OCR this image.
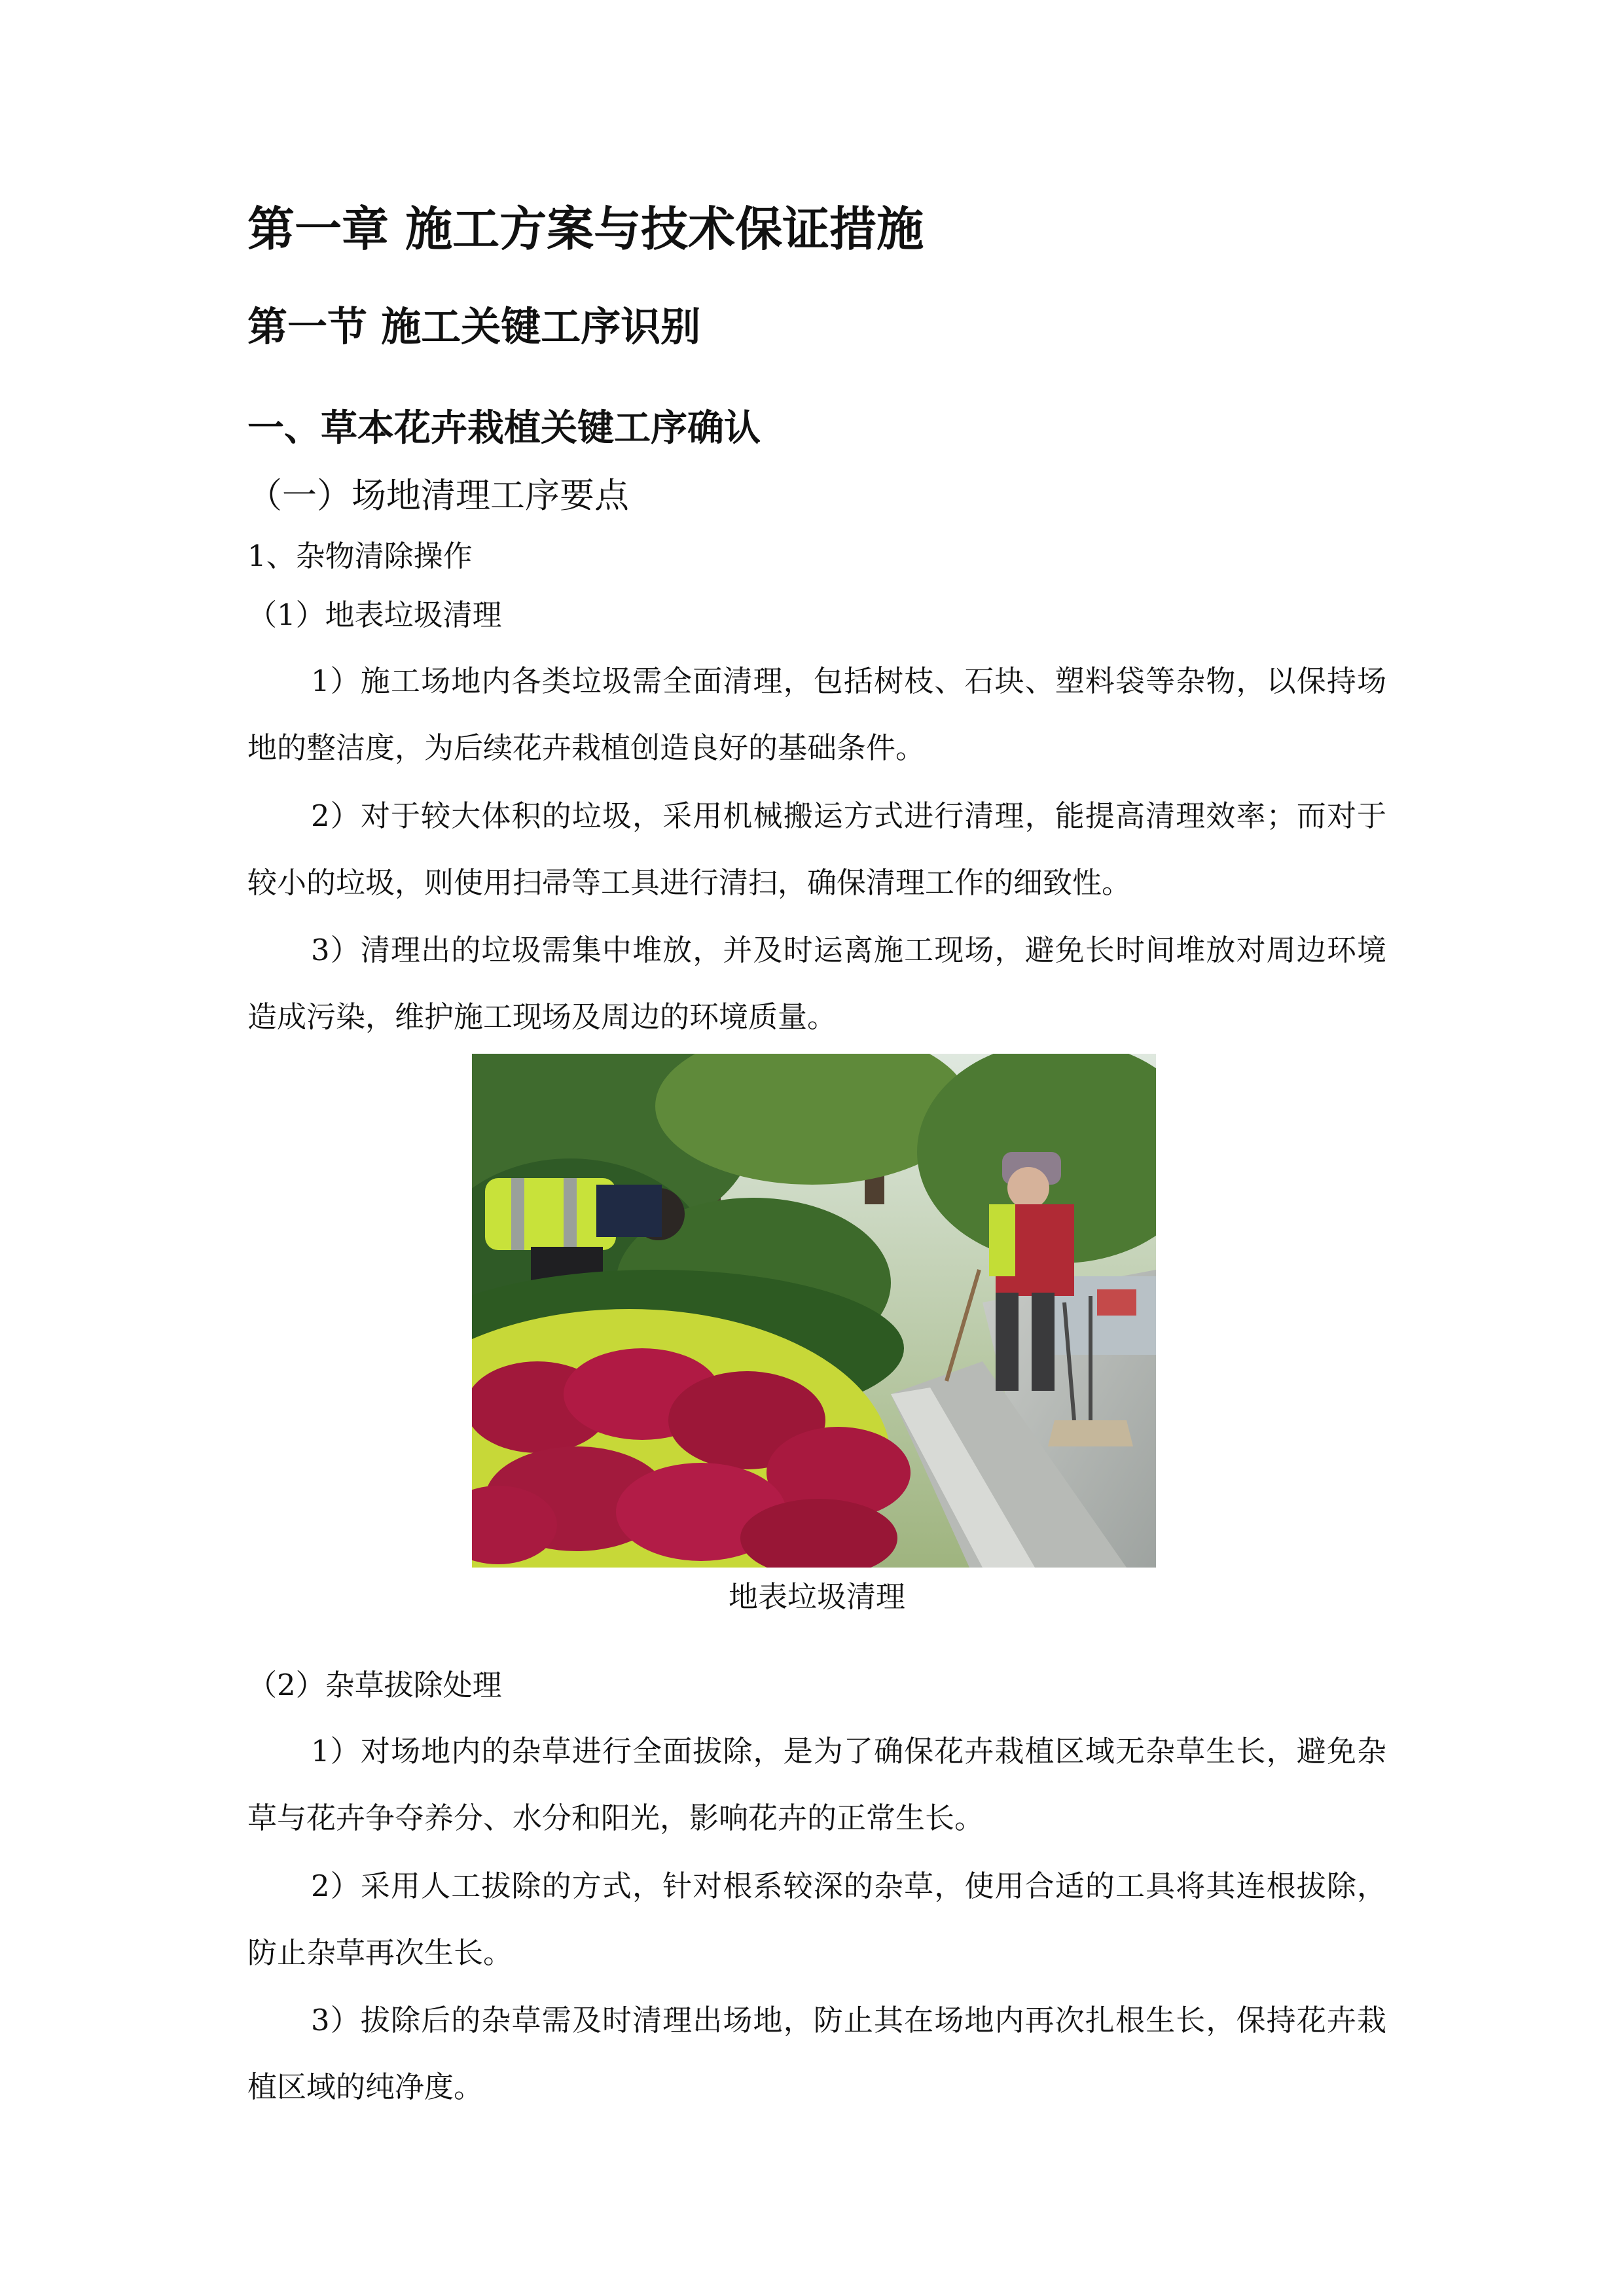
第一章 施工方案与技术保证措施
第一节 施工关键工序识别
一、草本花卉栽植关键工序确认
（一）场地清理工序要点
1、杂物清除操作
（1）地表垃圾清理

1）施工场地内各类垃圾需全面清理，包括树枝、石块、塑料袋等杂物，以保持场地的整洁度，为后续花卉栽植创造良好的基础条件。

2）对于较大体积的垃圾，采用机械搬运方式进行清理，能提高清理效率；而对于较小的垃圾，则使用扫帚等工具进行清扫，确保清理工作的细致性。

3）清理出的垃圾需集中堆放，并及时运离施工现场，避免长时间堆放对周边环境造成污染，维护施工现场及周边的环境质量。

地表垃圾清理
（2）杂草拔除处理

1）对场地内的杂草进行全面拔除，是为了确保花卉栽植区域无杂草生长，避免杂草与花卉争夺养分、水分和阳光，影响花卉的正常生长。

2）采用人工拔除的方式，针对根系较深的杂草，使用合适的工具将其连根拔除，防止杂草再次生长。

3）拔除后的杂草需及时清理出场地，防止其在场地内再次扎根生长，保持花卉栽植区域的纯净度。
